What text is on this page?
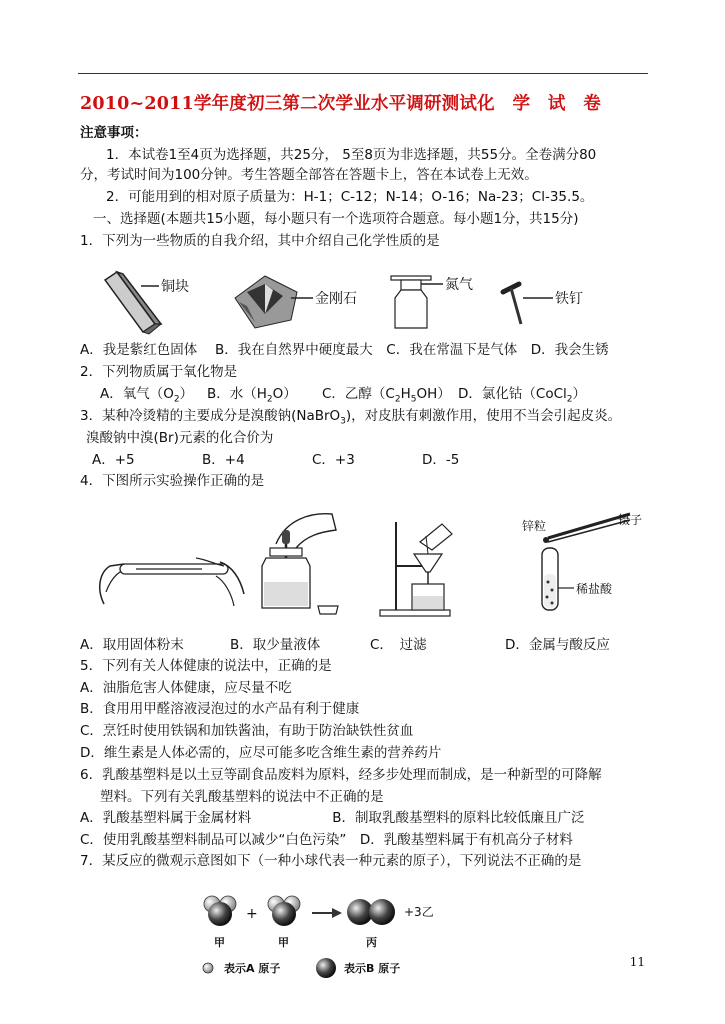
2010~2011学年度初三第二次学业水平调研测试化　学　试　卷
注意事项：
1．本试卷1至4页为选择题，共25分， 5至8页为非选择题，共55分。全卷满分80
分，考试时间为100分钟。考生答题全部答在答题卡上，答在本试卷上无效。
2．可能用到的相对原子质量为：H-1；C-12；N-14；O-16；Na-23；Cl-35.5。
一、选择题(本题共15小题，每小题只有一个选项符合题意。每小题1分，共15分)
1．下列为一些物质的自我介绍，其中介绍自己化学性质的是
铜块
金刚石
氮气
铁钉
A．我是紫红色固体　 B．我在自然界中硬度最大　C．我在常温下是气体　D．我会生锈
2．下列物质属于氧化物是
A．氧气$(O_2)$ B．水$(H_2O)$ C．乙醇$(C_2H_5OH)$ D．氯化钴（CoCl$_2$）
3．某种冷烫精的主要成分是溴酸钠(NaBrO$_3$)，对皮肤有刺激作用，使用不当会引起皮炎。
溴酸钠中溴(Br)元素的化合价为
A．+5	B．+4	C．+3	D．-5
4．下图所示实验操作正确的是
锌粒	镊子
稀盐酸
A．取用固体粉末	B．取少量液体	C．　过滤	D．金属与酸反应
5．下列有关人体健康的说法中，正确的是
A．油脂危害人体健康，应尽量不吃
B．食用用甲醛溶液浸泡过的水产品有利于健康
C．烹饪时使用铁锅和加铁酱油，有助于防治缺铁性贫血
D．维生素是人体必需的，应尽可能多吃含维生素的营养药片
6．乳酸基塑料是以土豆等副食品废料为原料，经多步处理而制成，是一种新型的可降解
塑料。下列有关乳酸基塑料的说法中不正确的是
A．乳酸基塑料属于金属材料　　　　　　B．制取乳酸基塑料的原料比较低廉且广泛
C．使用乳酸基塑料制品可以减少“白色污染”　D．乳酸基塑料属于有机高分子材料
7．某反应的微观示意图如下（一种小球代表一种元素的原子），下列说法不正确的是
+	+3乙
甲	甲	丙
表示A 原子	表示B 原子	11
